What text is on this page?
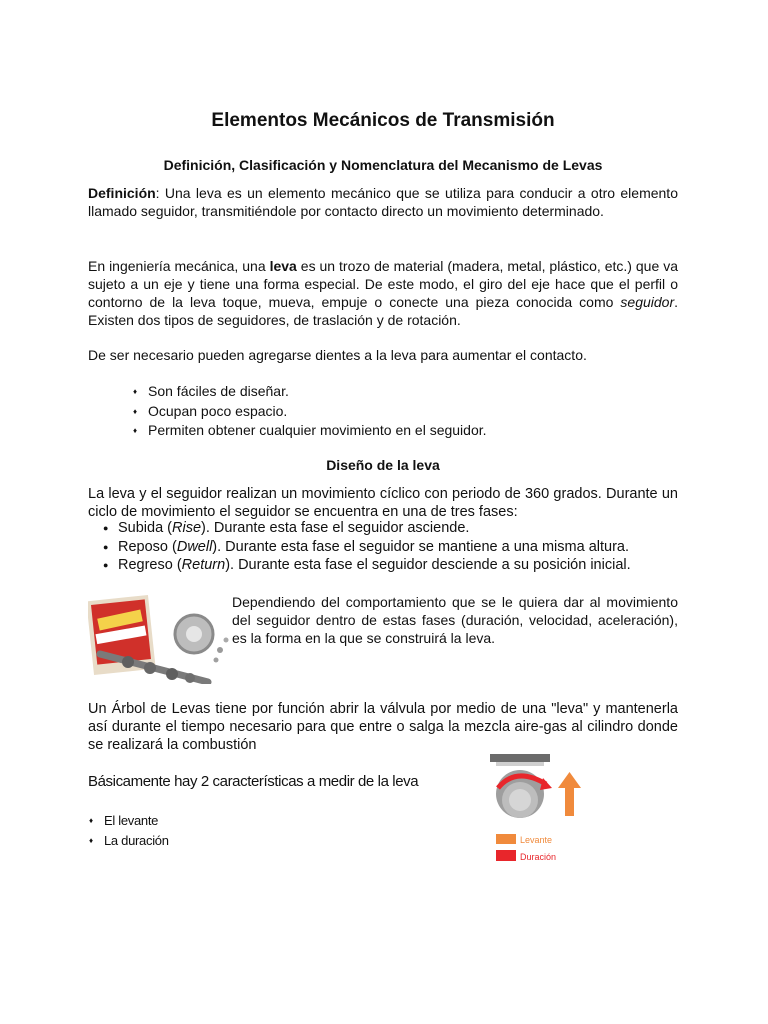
Elementos Mecánicos de Transmisión
Definición, Clasificación y Nomenclatura del Mecanismo de Levas

Definición: Una leva es un elemento mecánico que se utiliza para conducir a otro elemento llamado seguidor, transmitiéndole por contacto directo un movimiento determinado.

En ingeniería mecánica, una leva es un trozo de material (madera, metal, plástico, etc.) que va sujeto a un eje y tiene una forma especial. De este modo, el giro del eje hace que el perfil o contorno de la leva toque, mueva, empuje o conecte una pieza conocida como seguidor. Existen dos tipos de seguidores, de traslación y de rotación.

De ser necesario pueden agregarse dientes a la leva para aumentar el contacto.

♦ Son fáciles de diseñar.
♦ Ocupan poco espacio.
♦ Permiten obtener cualquier movimiento en el seguidor.
Diseño de la leva

La leva y el seguidor realizan un movimiento cíclico con periodo de 360 grados. Durante un ciclo de movimiento el seguidor se encuentra en una de tres fases:

● Subida (Rise). Durante esta fase el seguidor asciende.
● Reposo (Dwell). Durante esta fase el seguidor se mantiene a una misma altura.
● Regreso (Return). Durante esta fase el seguidor desciende a su posición inicial.

Dependiendo del comportamiento que se le quiera dar al movimiento del seguidor dentro de estas fases (duración, velocidad, aceleración), es la forma en la que se construirá la leva.

Un Árbol de Levas tiene por función abrir la válvula por medio de una "leva" y mantenerla así durante el tiempo necesario para que entre o salga la mezcla aire-gas al cilindro donde se realizará la combustión

Básicamente hay 2 características a medir de la leva

♦ El levante
♦ La duración	Levante
Duración
